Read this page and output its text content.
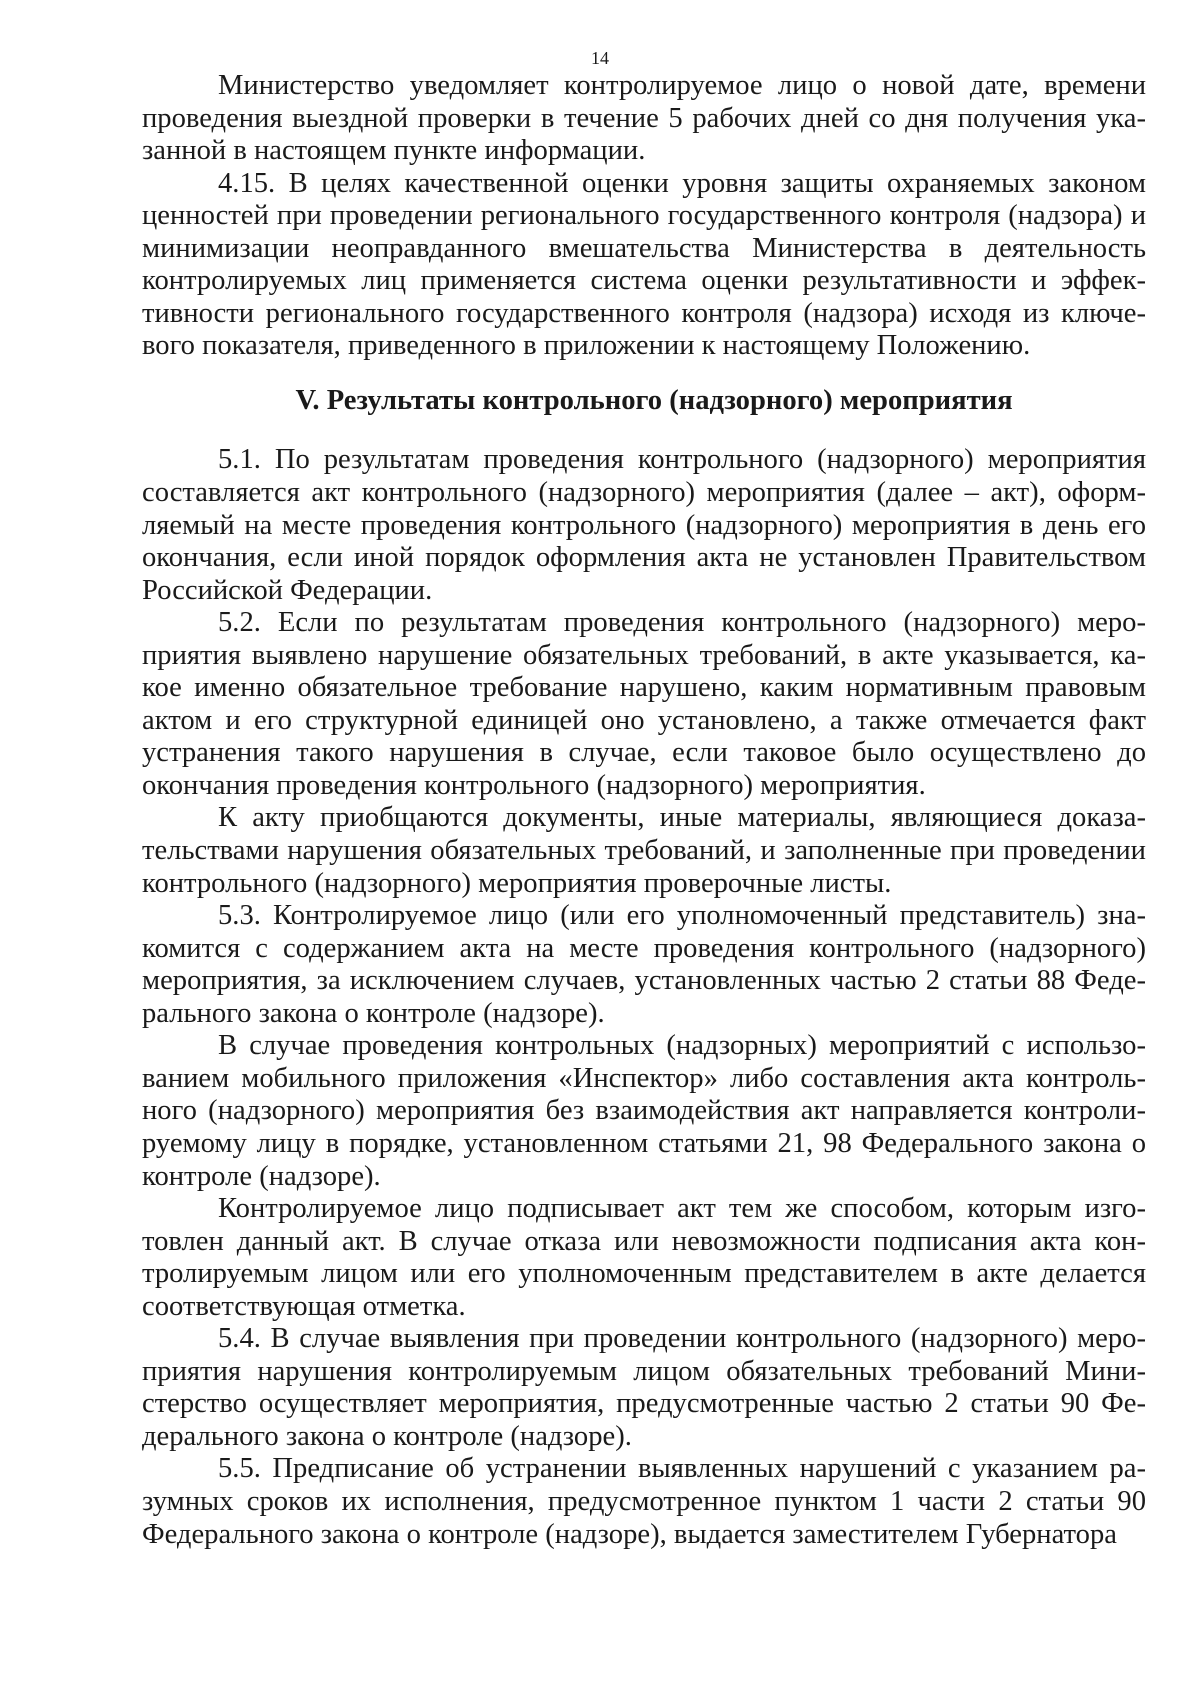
14

Министерство уведомляет контролируемое лицо о новой дате, времени проведения выездной проверки в течение 5 рабочих дней со дня получения указанной в настоящем пункте информации.

4.15. В целях качественной оценки уровня защиты охраняемых законом ценностей при проведении регионального государственного контроля (надзора) и минимизации неоправданного вмешательства Министерства в деятельность контролируемых лиц применяется система оценки результативности и эффективности регионального государственного контроля (надзора) исходя из ключевого показателя, приведенного в приложении к настоящему Положению.

V. Результаты контрольного (надзорного) мероприятия

5.1. По результатам проведения контрольного (надзорного) мероприятия составляется акт контрольного (надзорного) мероприятия (далее – акт), оформляемый на месте проведения контрольного (надзорного) мероприятия в день его окончания, если иной порядок оформления акта не установлен Правительством Российской Федерации.

5.2. Если по результатам проведения контрольного (надзорного) мероприятия выявлено нарушение обязательных требований, в акте указывается, какое именно обязательное требование нарушено, каким нормативным правовым актом и его структурной единицей оно установлено, а также отмечается факт устранения такого нарушения в случае, если таковое было осуществлено до окончания проведения контрольного (надзорного) мероприятия.

К акту приобщаются документы, иные материалы, являющиеся доказательствами нарушения обязательных требований, и заполненные при проведении контрольного (надзорного) мероприятия проверочные листы.

5.3. Контролируемое лицо (или его уполномоченный представитель) знакомится с содержанием акта на месте проведения контрольного (надзорного) мероприятия, за исключением случаев, установленных частью 2 статьи 88 Федерального закона о контроле (надзоре).

В случае проведения контрольных (надзорных) мероприятий с использованием мобильного приложения «Инспектор» либо составления акта контрольного (надзорного) мероприятия без взаимодействия акт направляется контролируемому лицу в порядке, установленном статьями 21, 98 Федерального закона о контроле (надзоре).

Контролируемое лицо подписывает акт тем же способом, которым изготовлен данный акт. В случае отказа или невозможности подписания акта контролируемым лицом или его уполномоченным представителем в акте делается соответствующая отметка.

5.4. В случае выявления при проведении контрольного (надзорного) мероприятия нарушения контролируемым лицом обязательных требований Министерство осуществляет мероприятия, предусмотренные частью 2 статьи 90 Федерального закона о контроле (надзоре).

5.5. Предписание об устранении выявленных нарушений с указанием разумных сроков их исполнения, предусмотренное пунктом 1 части 2 статьи 90 Федерального закона о контроле (надзоре), выдается заместителем Губернатора
